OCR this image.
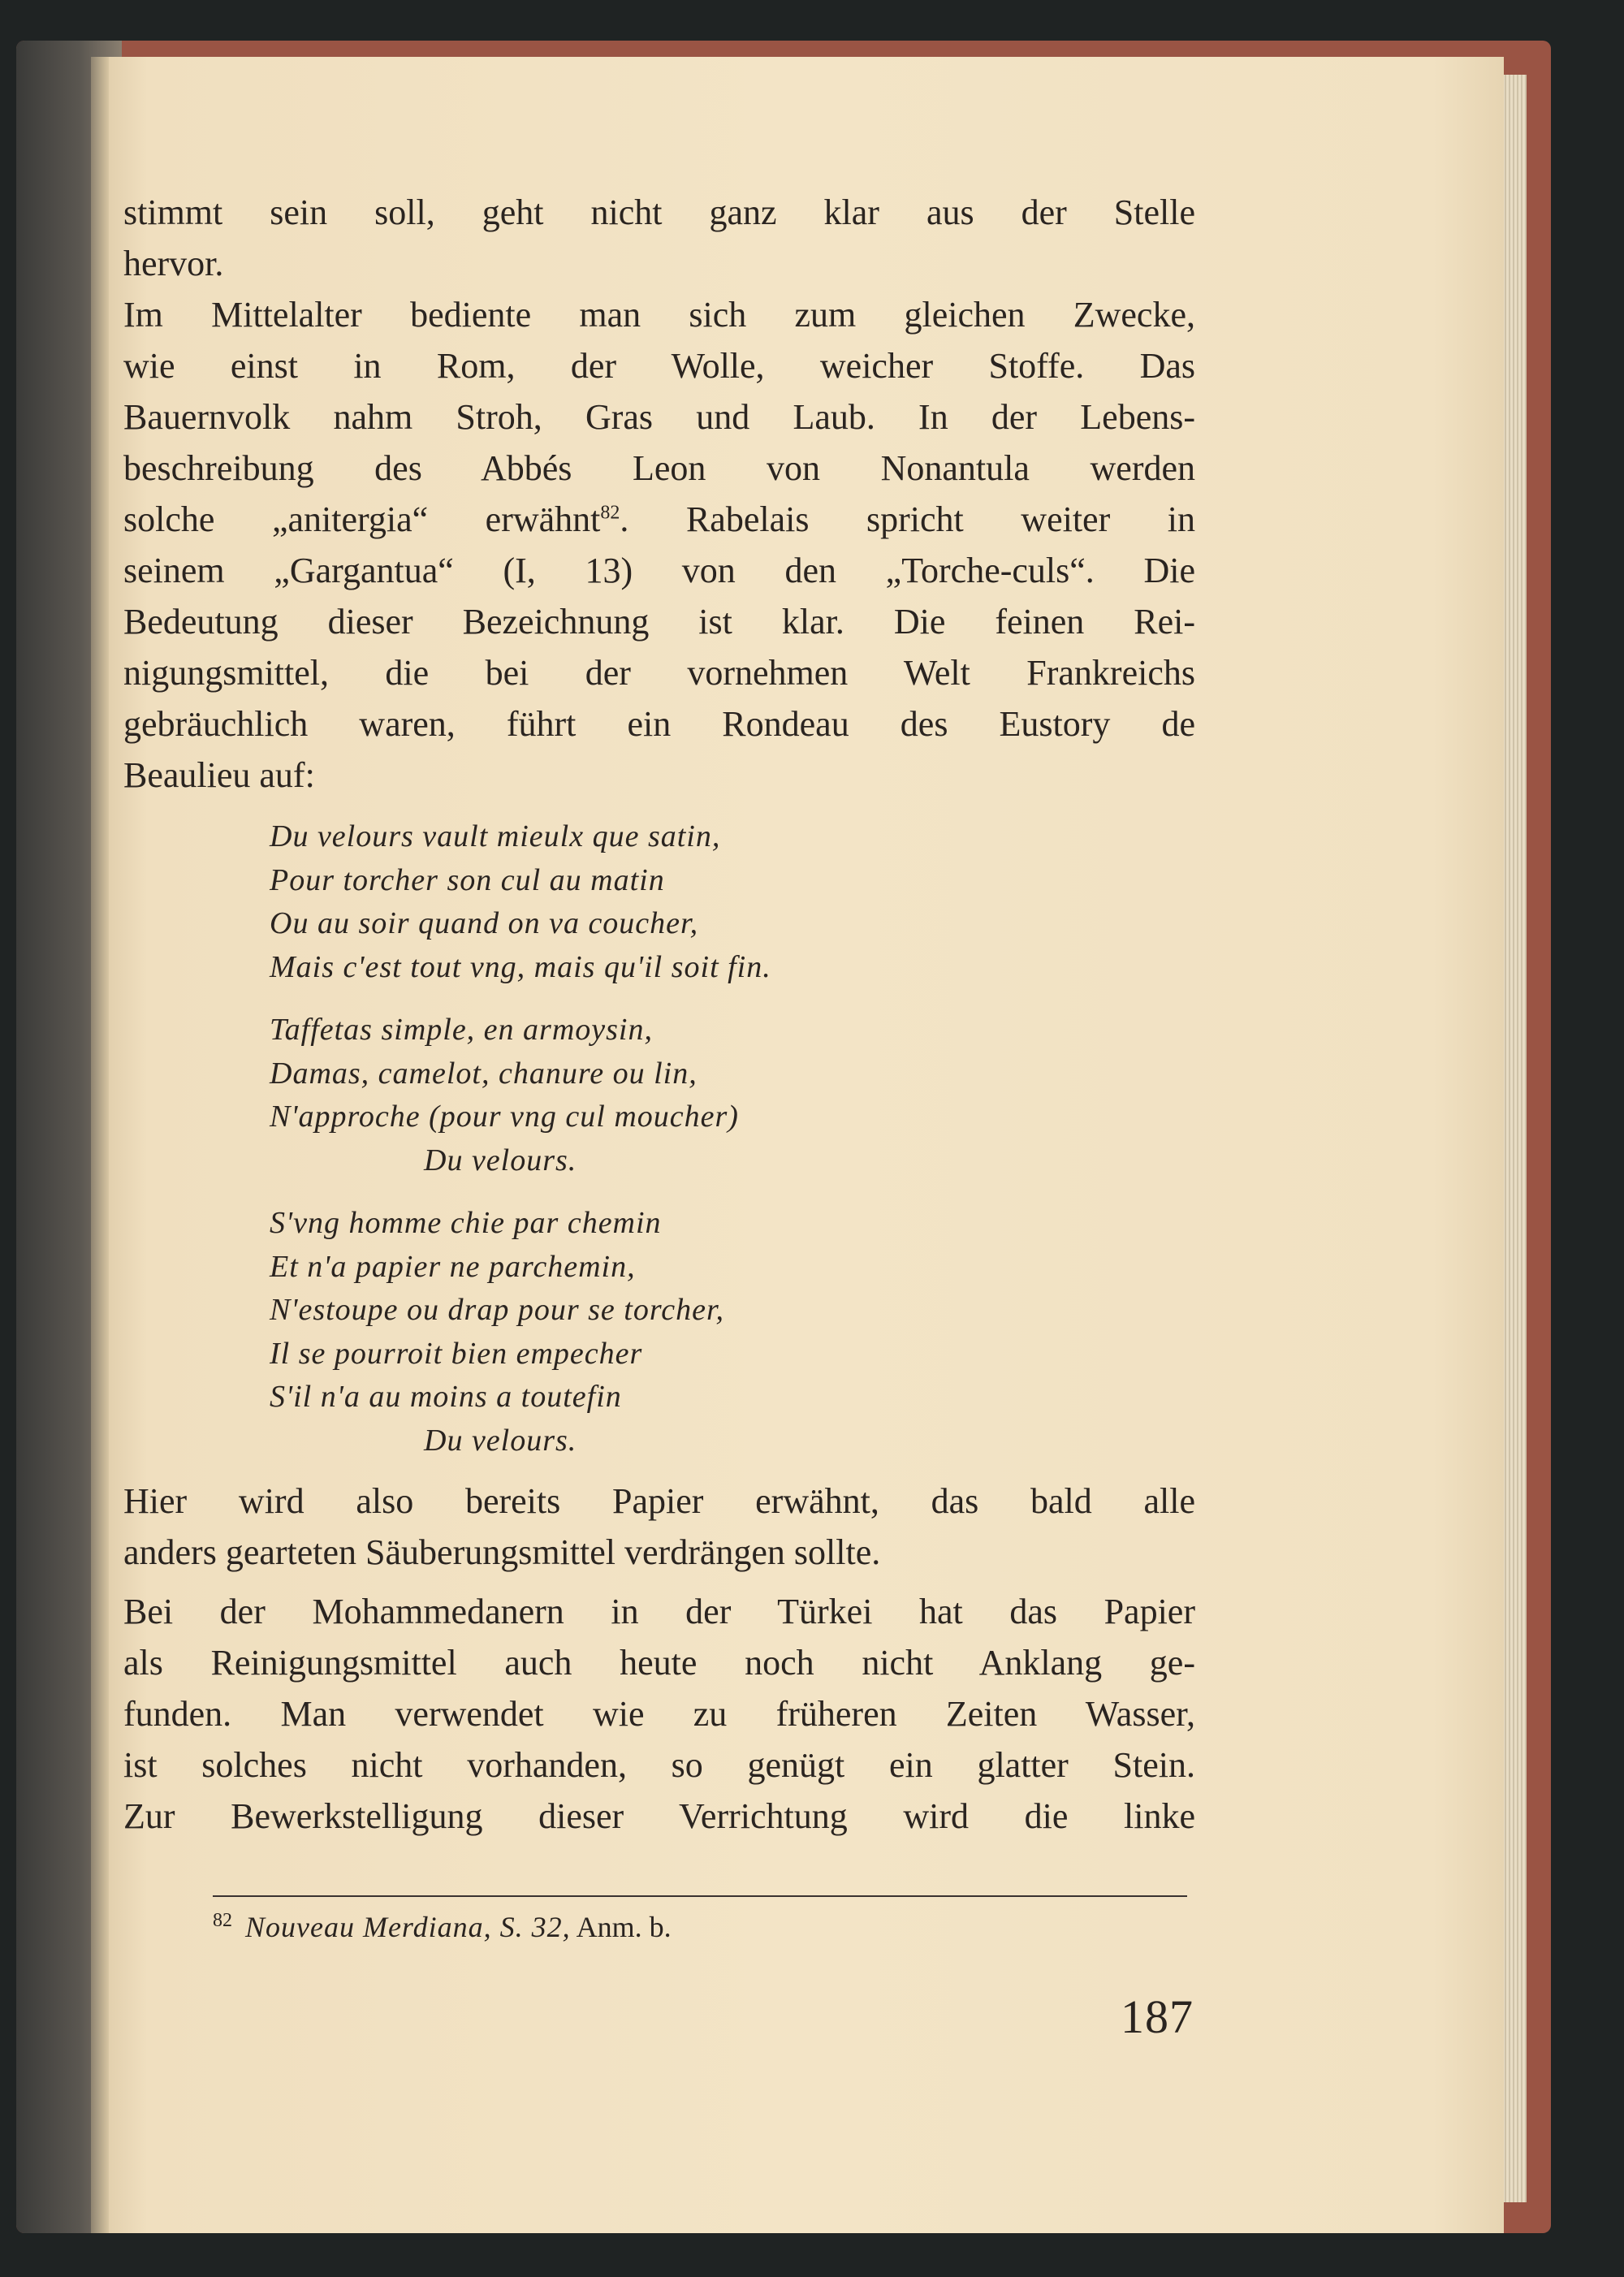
stimmt sein soll, geht nicht ganz klar aus der Stelle
hervor.

Im Mittelalter bediente man sich zum gleichen Zwecke,
wie einst in Rom, der Wolle, weicher Stoffe. Das
Bauernvolk nahm Stroh, Gras und Laub. In der Lebens-
beschreibung des Abbés Leon von Nonantula werden
solche „anitergia“ erwähnt$^{82}$. Rabelais spricht weiter in
seinem „Gargantua“ (I, 13) von den „Torche-culs“. Die
Bedeutung dieser Bezeichnung ist klar. Die feinen Rei-
nigungsmittel, die bei der vornehmen Welt Frankreichs
gebräuchlich waren, führt ein Rondeau des Eustory de
Beaulieu auf:

Du velours vault mieulx que satin,
Pour torcher son cul au matin
Ou au soir quand on va coucher,
Mais c'est tout vng, mais qu'il soit fin.
Taffetas simple, en armoysin,
Damas, camelot, chanure ou lin,
N'approche (pour vng cul moucher)
Du velours.
S'vng homme chie par chemin
Et n'a papier ne parchemin,
N'estoupe ou drap pour se torcher,
Il se pourroit bien empecher
S'il n'a au moins a toutefin
Du velours.

Hier wird also bereits Papier erwähnt, das bald alle
anders gearteten Säuberungsmittel verdrängen sollte.

Bei der Mohammedanern in der Türkei hat das Papier
als Reinigungsmittel auch heute noch nicht Anklang ge-
funden. Man verwendet wie zu früheren Zeiten Wasser,
ist solches nicht vorhanden, so genügt ein glatter Stein.
Zur Bewerkstelligung dieser Verrichtung wird die linke

$^{82}$ Nouveau Merdiana, S. 32, Anm. b.
187
